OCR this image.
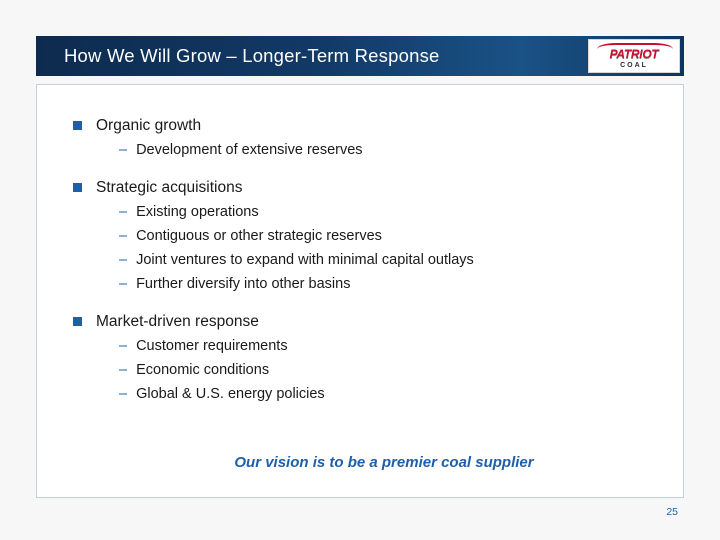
How We Will Grow – Longer-Term Response	PATRIOT
COAL
Organic growth
– Development of extensive reserves
Strategic acquisitions
– Existing operations
– Contiguous or other strategic reserves
– Joint ventures to expand with minimal capital outlays
– Further diversify into other basins
Market-driven response
– Customer requirements
– Economic conditions
– Global & U.S. energy policies
Our vision is to be a premier coal supplier
25
